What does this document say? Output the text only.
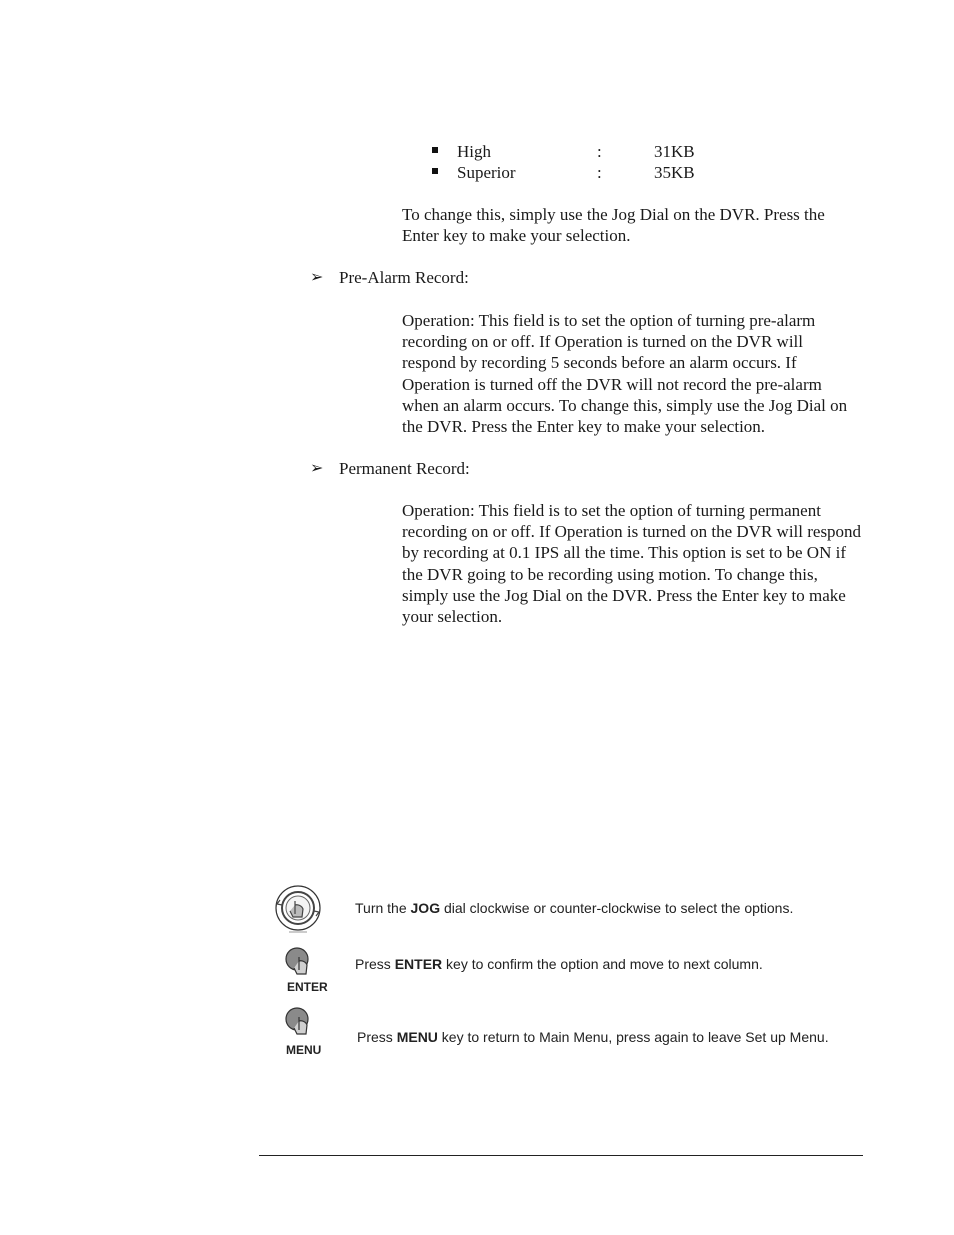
High	:	31KB
Superior	:	35KB
To change this, simply use the Jog Dial on the DVR. Press the Enter key to make your selection.
➢ Pre-Alarm Record:
Operation: This field is to set the option of turning pre-alarm recording on or off. If Operation is turned on the DVR will respond by recording 5 seconds before an alarm occurs. If Operation is turned off the DVR will not record the pre-alarm when an alarm occurs. To change this, simply use the Jog Dial on the DVR. Press the Enter key to make your selection.
➢ Permanent Record:
Operation: This field is to set the option of turning permanent recording on or off. If Operation is turned on the DVR will respond by recording at 0.1 IPS all the time. This option is set to be ON if the DVR going to be recording using motion. To change this, simply use the Jog Dial on the DVR. Press the Enter key to make your selection.
Turn the JOG dial clockwise or counter-clockwise to select the options.
ENTER
Press ENTER key to confirm the option and move to next column.
MENU
Press MENU key to return to Main Menu, press again to leave Set up Menu.
